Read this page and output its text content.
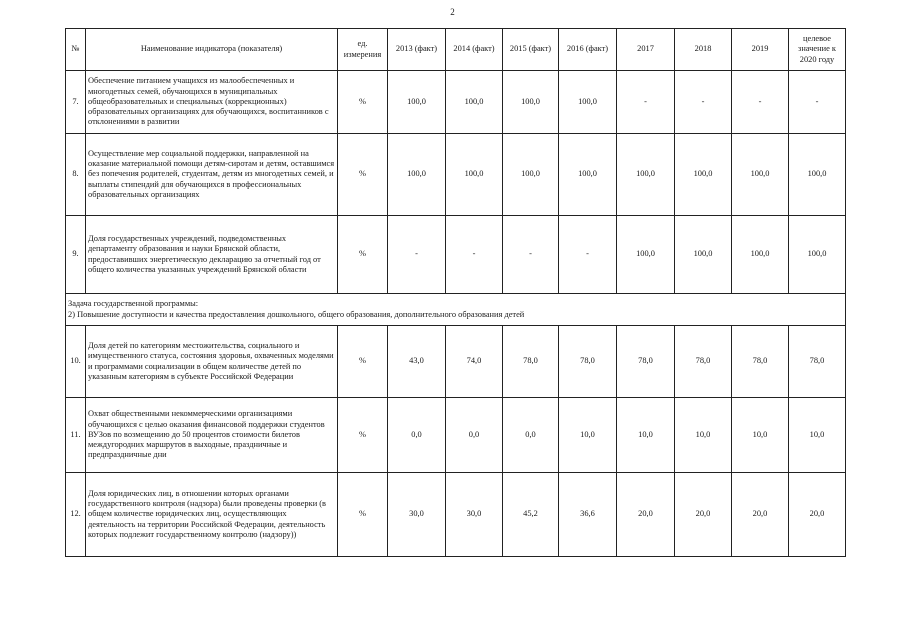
2
№	Наименование индикатора (показателя)	ед. измерения	2013 (факт)	2014 (факт)	2015 (факт)	2016 (факт)	2017	2018	2019	целевое значение к 2020 году
7.	Обеспечение питанием учащихся из малообеспеченных и многодетных семей, обучающихся в муниципальных общеобразовательных и специальных (коррекционных) образовательных организациях для обучающихся, воспитанников с отклонениями в развитии	%	100,0	100,0	100,0	100,0	-	-	-	-
8.	Осуществление мер социальной поддержки, направленной на оказание материальной помощи детям-сиротам и детям, оставшимся без попечения родителей, студентам, детям из многодетных семей, и выплаты стипендий для обучающихся в профессиональных образовательных организациях	%	100,0	100,0	100,0	100,0	100,0	100,0	100,0	100,0
9.	Доля государственных учреждений, подведомственных департаменту образования и науки Брянской области, предоставивших энергетическую декларацию за отчетный год от общего количества указанных учреждений Брянской области	%	-	-	-	-	100,0	100,0	100,0	100,0

Задача государственной программы:
2) Повышение доступности и качества предоставления дошкольного, общего образования, дополнительного образования детей										

10.	Доля детей по категориям местожительства, социального и имущественного статуса, состояния здоровья, охваченных моделями и программами социализации в общем количестве детей по указанным категориям в субъекте Российской Федерации	%	43,0	74,0	78,0	78,0	78,0	78,0	78,0	78,0
11.	Охват общественными некоммерческими организациями обучающихся с целью оказания финансовой поддержки студентов ВУЗов по возмещению до 50 процентов стоимости билетов междугородних маршрутов в выходные, праздничные и предпраздничные дни	%	0,0	0,0	0,0	10,0	10,0	10,0	10,0	10,0
12.	Доля юридических лиц, в отношении которых органами государственного контроля (надзора) были проведены проверки (в общем количестве юридических лиц, осуществляющих деятельность на территории Российской Федерации, деятельность которых подлежит государственному контролю (надзору))	%	30,0	30,0	45,2	36,6	20,0	20,0	20,0	20,0
